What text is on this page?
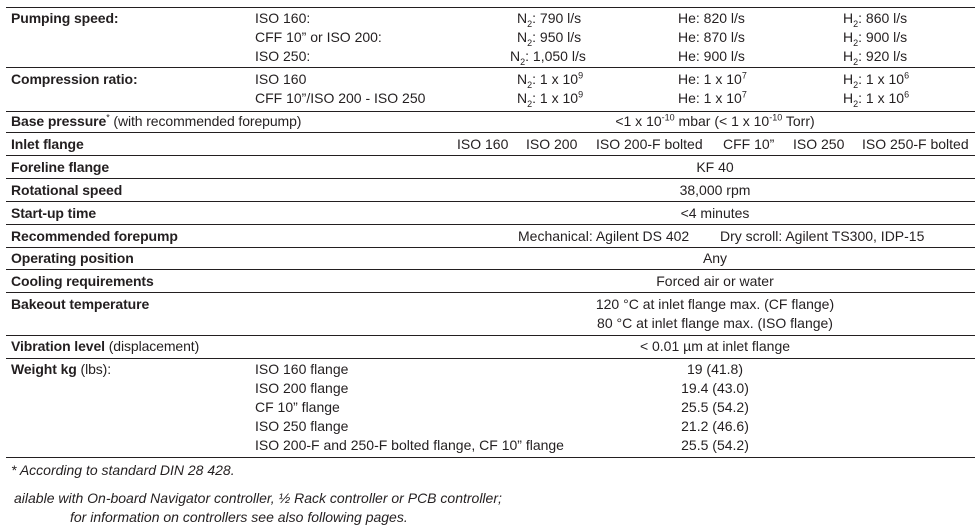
Pumping speed:	ISO 160:	$N_2$: 790 l/s	He: 820 l/s	$H_2$: 860 l/s
CFF 10” or ISO 200:	$N_2$: 950 l/s	He: 870 l/s	$H_2$: 900 l/s
ISO 250:	$N_2$: 1,050 l/s	He: 900 l/s	$H_2$: 920 l/s
Compression ratio:	ISO 160	$N_2$: 1 x $10^9$	He: 1 x $10^7$	$H_2$: 1 x $10^6$
CFF 10”/ISO 200 - ISO 250	$N_2$: 1 x $10^9$	He: 1 x $10^7$	$H_2$: 1 x $10^6$
Base pressure* (with recommended forepump)	<1 x $10^{-10}$ mbar (< 1 x $10^{-10}$ Torr)
Inlet flange	ISO 160 ISO 200 ISO 200-F bolted CFF 10” ISO 250 ISO 250-F bolted
Foreline flange	KF 40
Rotational speed	38,000 rpm
Start-up time	<4 minutes
Recommended forepump	Mechanical: Agilent DS 402 Dry scroll: Agilent TS300, IDP-15
Operating position	Any
Cooling requirements	Forced air or water
Bakeout temperature	120 °C at inlet flange max. (CF flange)
80 °C at inlet flange max. (ISO flange)
Vibration level (displacement)	< 0.01 µm at inlet flange
Weight kg (lbs):	ISO 160 flange	19 (41.8)
ISO 200 flange	19.4 (43.0)
CF 10” flange	25.5 (54.2)
ISO 250 flange	21.2 (46.6)
ISO 200-F and 250-F bolted flange, CF 10” flange	25.5 (54.2)
* According to standard DIN 28 428.
ailable with On-board Navigator controller, ½ Rack controller or PCB controller;
for information on controllers see also following pages.
